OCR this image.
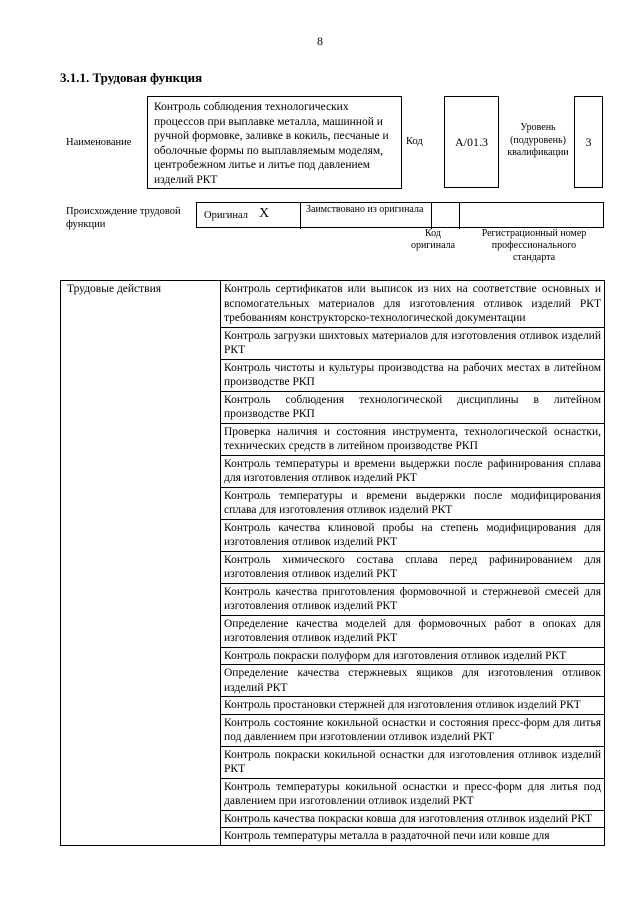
8
3.1.1. Трудовая функция
Наименование
Контроль соблюдения технологических процессов при выплавке металла, машинной и ручной формовке, заливке в кокиль, песчаные и оболочные формы по выплавляемым моделям, центробежном литье и литье под давлением изделий РКТ
Код	А/01.3
Уровень (подуровень) квалификации
3
Происхождение трудовой функции
Оригинал Х	Заимствовано из оригинала
Код оригинала
Регистрационный номер профессионального стандарта
Трудовые действия	Контроль сертификатов или выписок из них на соответствие основных и вспомогательных материалов для изготовления отливок изделий РКТ требованиям конструкторско-технологической документации
Контроль загрузки шихтовых материалов для изготовления отливок изделий РКТ
Контроль чистоты и культуры производства на рабочих местах в литейном производстве РКП
Контроль соблюдения технологической дисциплины в литейном производстве РКП
Проверка наличия и состояния инструмента, технологической оснастки, технических средств в литейном производстве РКП
Контроль температуры и времени выдержки после рафинирования сплава для изготовления отливок изделий РКТ
Контроль температуры и времени выдержки после модифицирования сплава для изготовления отливок изделий РКТ
Контроль качества клиновой пробы на степень модифицирования для изготовления отливок изделий РКТ
Контроль химического состава сплава перед рафинированием для изготовления отливок изделий РКТ
Контроль качества приготовления формовочной и стержневой смесей для изготовления отливок изделий РКТ
Определение качества моделей для формовочных работ в опоках для изготовления отливок изделий РКТ
Контроль покраски полуформ для изготовления отливок изделий РКТ
Определение качества стержневых ящиков для изготовления отливок изделий РКТ
Контроль простановки стержней для изготовления отливок изделий РКТ
Контроль состояние кокильной оснастки и состояния пресс-форм для литья под давлением при изготовлении отливок изделий РКТ
Контроль покраски кокильной оснастки для изготовления отливок изделий РКТ
Контроль температуры кокильной оснастки и пресс-форм для литья под давлением при изготовлении отливок изделий РКТ
Контроль качества покраски ковша для изготовления отливок изделий РКТ
Контроль температуры металла в раздаточной печи или ковше для
